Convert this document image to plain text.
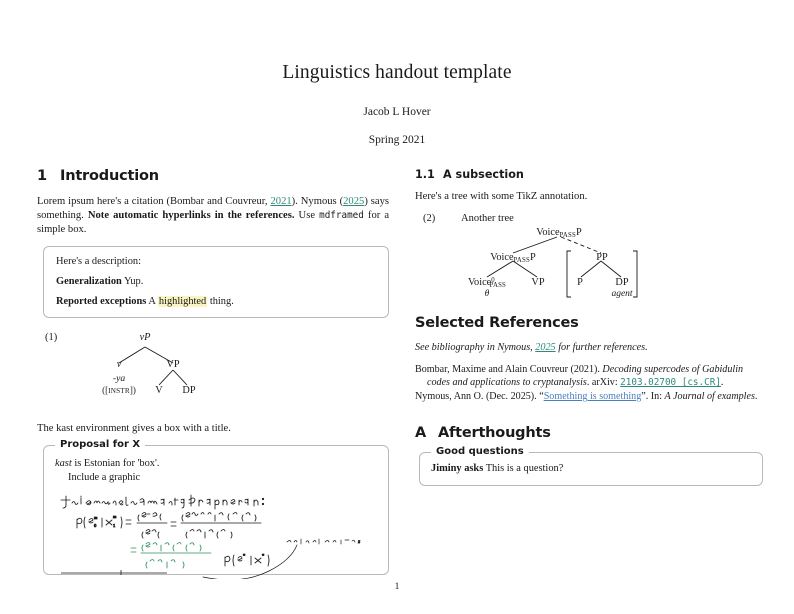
Linguistics handout template
Jacob L Hover
Spring 2021
1 Introduction

Lorem ipsum here's a citation (Bombar and Couvreur, 2021). Nymous (2025) says something. Note automatic hyperlinks in the references. Use mdframed for a simple box.

Here's a description:
Generalization Yup.
Reported exceptions A highlighted thing.
(1)	vP
v
-ya
([INSTR])
VP
V DP

The kast environment gives a box with a title.

Proposal for X
kast is Estonian for 'box'.
Include a graphic
m
0
m
1
*	*
z
1.1 A subsection

Here's a tree with some TikZ annotation.

(2)	Another tree
Voice$_{PASS}$P
Voice$_{PASS}$P
Voice$^0_{PASS}$
θ
VP
PP
P	DP
agent
Selected References

See bibliography in Nymous, 2025 for further references.

Bombar, Maxime and Alain Couvreur (2021). Decoding supercodes of Gabidulin codes and applications to cryptanalysis. arXiv: 2103.02700 [cs.CR].
Nymous, Ann O. (Dec. 2025). “Something is something”. In: A Journal of examples.
A Afterthoughts
Good questions
Jiminy asks This is a question?
1
